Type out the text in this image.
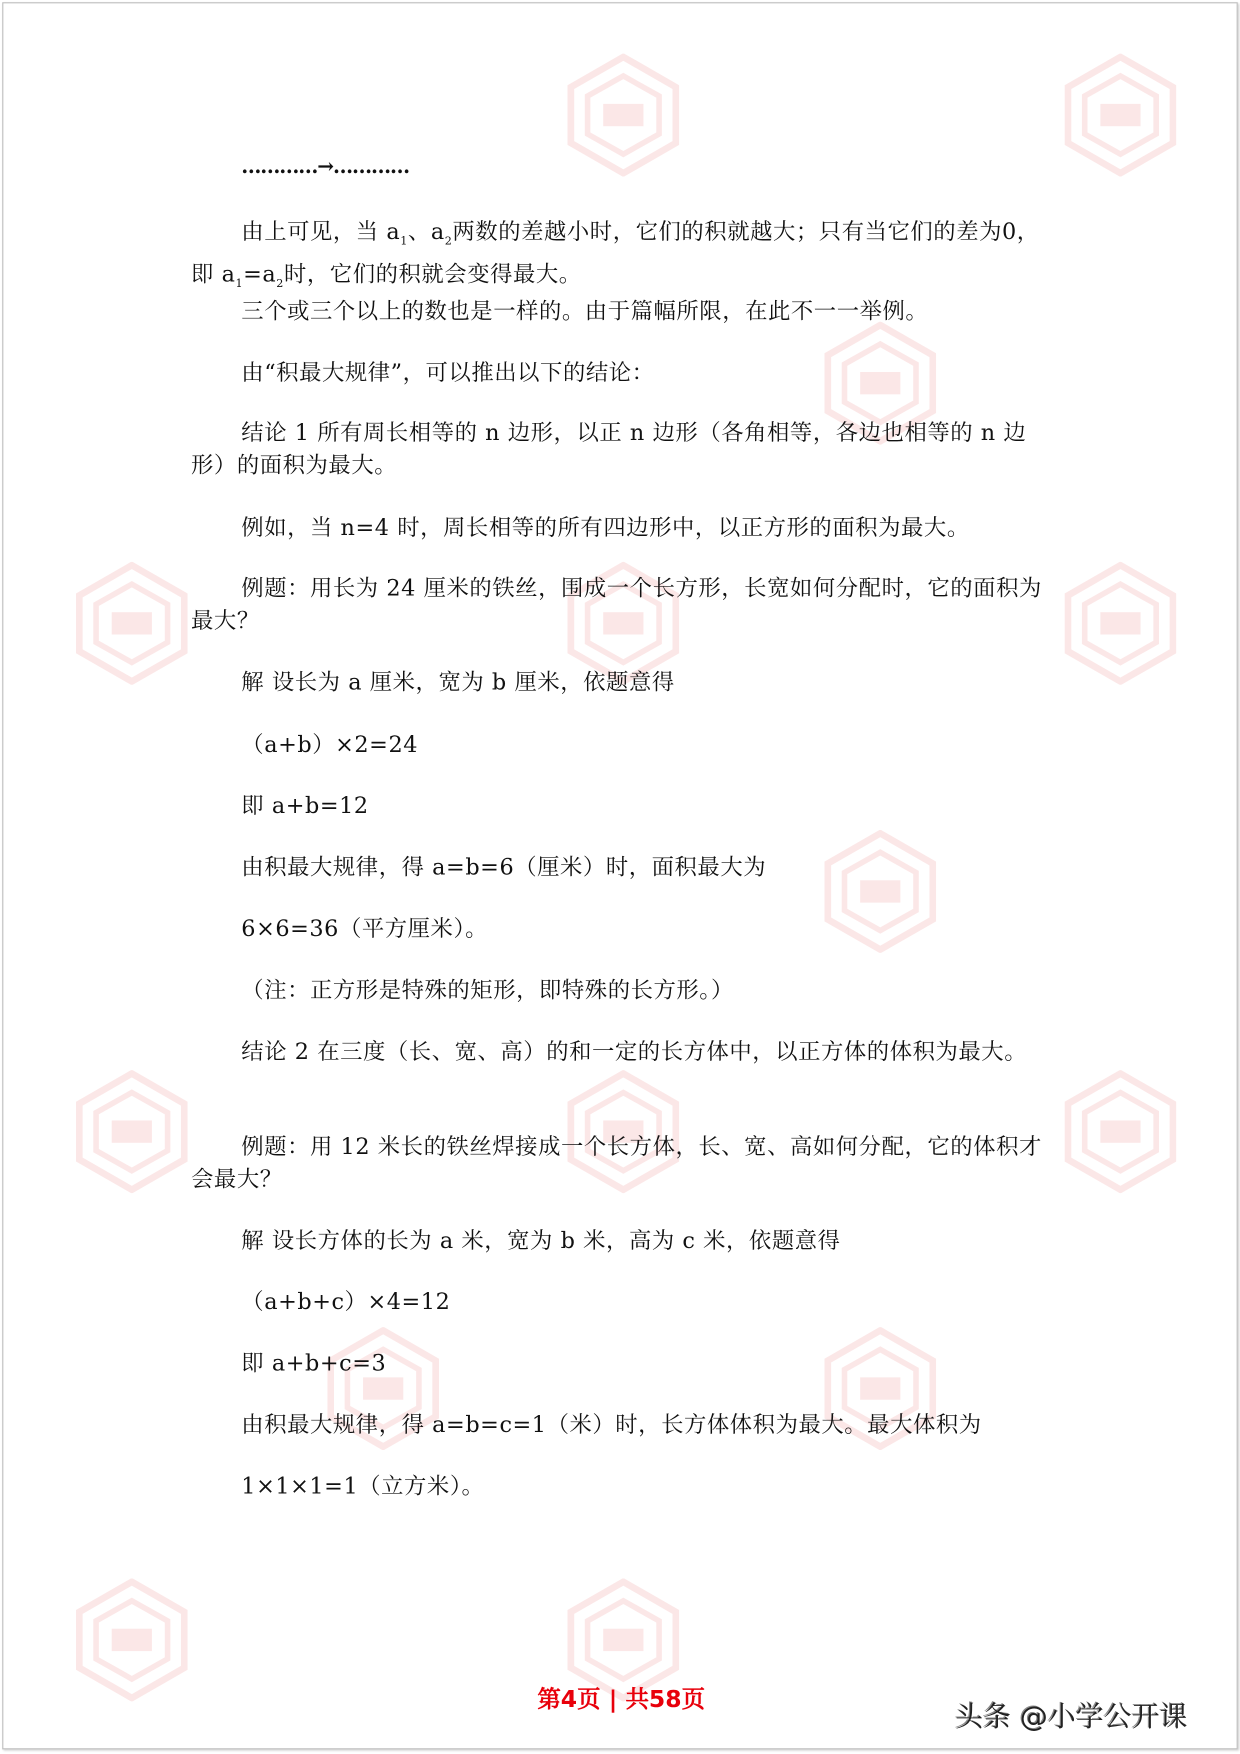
…………→…………
由上可见，当 $a_1$、$a_2$两数的差越小时，它们的积就越大；只有当它们的差为0，即 $a_1=a_2$时，它们的积就会变得最大。
三个或三个以上的数也是一样的。由于篇幅所限，在此不一一举例。
由“积最大规律”，可以推出以下的结论：
结论 1 所有周长相等的 n 边形，以正 n 边形（各角相等，各边也相等的 n 边形）的面积为最大。
例如，当 n=4 时，周长相等的所有四边形中，以正方形的面积为最大。
例题：用长为 24 厘米的铁丝，围成一个长方形，长宽如何分配时，它的面积为最大？
解 设长为 a 厘米，宽为 b 厘米，依题意得
（a+b）×2=24
即 a+b=12
由积最大规律，得 a=b=6（厘米）时，面积最大为
6×6=36（平方厘米）。
（注：正方形是特殊的矩形，即特殊的长方形。）
结论 2 在三度（长、宽、高）的和一定的长方体中，以正方体的体积为最大。
例题：用 12 米长的铁丝焊接成一个长方体，长、宽、高如何分配，它的体积才会最大？
解 设长方体的长为 a 米，宽为 b 米，高为 c 米，依题意得
（a+b+c）×4=12
即 a+b+c=3
由积最大规律，得 a=b=c=1（米）时，长方体体积为最大。最大体积为
1×1×1=1（立方米）。
第4页 | 共58页
头条 @小学公开课
